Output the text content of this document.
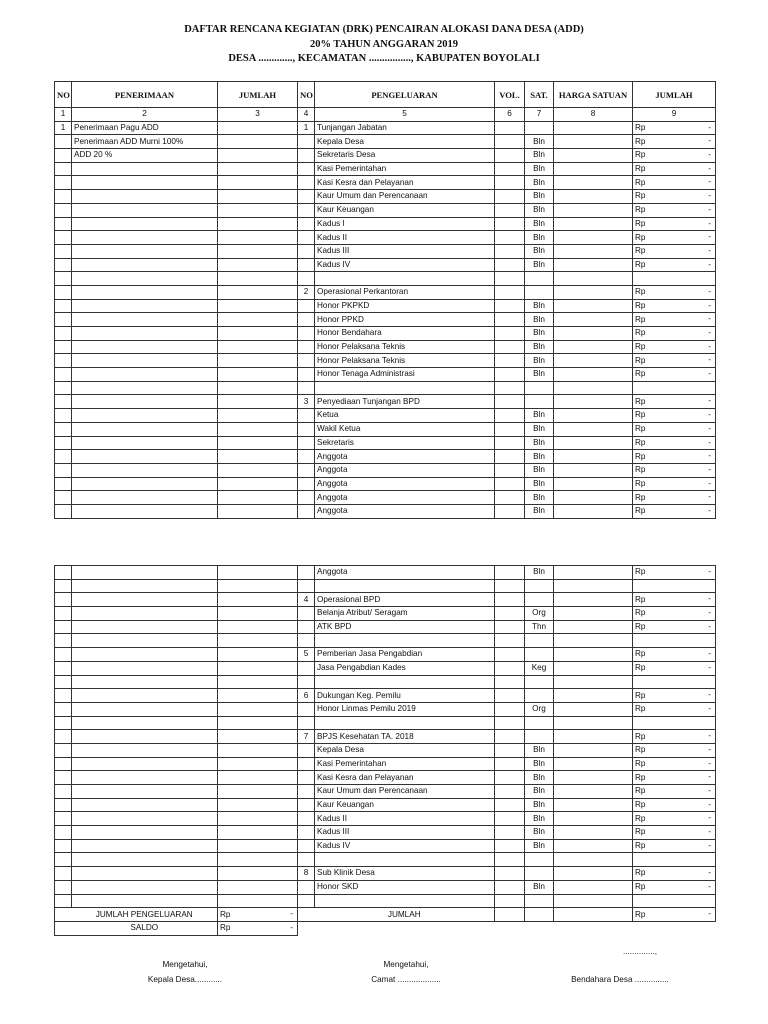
DAFTAR RENCANA KEGIATAN (DRK) PENCAIRAN ALOKASI DANA DESA (ADD)
20% TAHUN ANGGARAN 2019
DESA ............., KECAMATAN ................, KABUPATEN BOYOLALI
NO	PENERIMAAN	JUMLAH	NO	PENGELUARAN	VOL.	SAT.	HARGA SATUAN	JUMLAH
1	2	3	4	5	6	7	8	9
1	Penerimaan Pagu ADD		1	Tunjangan Jabatan				Rp -

	Penerimaan ADD Murni 100%			Kepala Desa		Bln		Rp -

	ADD 20 %			Sekretaris Desa		Bln		Rp -

				Kasi Pemerintahan		Bln		Rp -

				Kasi Kesra dan Pelayanan		Bln		Rp -

				Kaur Umum dan Perencanaan		Bln		Rp -

				Kaur Keuangan		Bln		Rp -

				Kadus I		Bln		Rp -

				Kadus II		Bln		Rp -

				Kadus III		Bln		Rp -

				Kadus IV		Bln		Rp -

			2	Operasional Perkantoran				Rp -

				Honor PKPKD		Bln		Rp -

				Honor PPKD		Bln		Rp -

				Honor Bendahara		Bln		Rp -

				Honor Pelaksana Teknis		Bln		Rp -

				Honor Pelaksana Teknis		Bln		Rp -

				Honor Tenaga Administrasi		Bln		Rp -

			3	Penyediaan Tunjangan BPD				Rp -

				Ketua		Bln		Rp -

				Wakil Ketua		Bln		Rp -

				Sekretaris		Bln		Rp -

				Anggota		Bln		Rp -

				Anggota		Bln		Rp -

				Anggota		Bln		Rp -

				Anggota		Bln		Rp -

				Anggota		Bln		Rp -
				Anggota		Bln		Rp -

			4	Operasional BPD				Rp -

				Belanja Atribut/ Seragam		Org		Rp -

				ATK BPD		Thn		Rp -

			5	Pemberian Jasa Pengabdian				Rp -

				Jasa Pengabdian Kades		Keg		Rp -

			6	Dukungan Keg. Pemilu				Rp -

				Honor Linmas Pemilu 2019		Org		Rp -

			7	BPJS Kesehatan TA. 2018				Rp -

				Kepala Desa		Bln		Rp -

				Kasi Pemerintahan		Bln		Rp -

				Kasi Kesra dan Pelayanan		Bln		Rp -

				Kaur Umum dan Perencanaan		Bln		Rp -

				Kaur Keuangan		Bln		Rp -

				Kadus II		Bln		Rp -

				Kadus III		Bln		Rp -

				Kadus IV		Bln		Rp -

			8	Sub Klinik Desa				Rp -

				Honor SKD		Bln		Rp -

	JUMLAH PENGELUARAN	Rp -		JUMLAH				Rp -

	SALDO	Rp -						

..............,
Mengetahui,
Kepala Desa............
Mengetahui,
Camat ...................	Bendahara Desa ...............
